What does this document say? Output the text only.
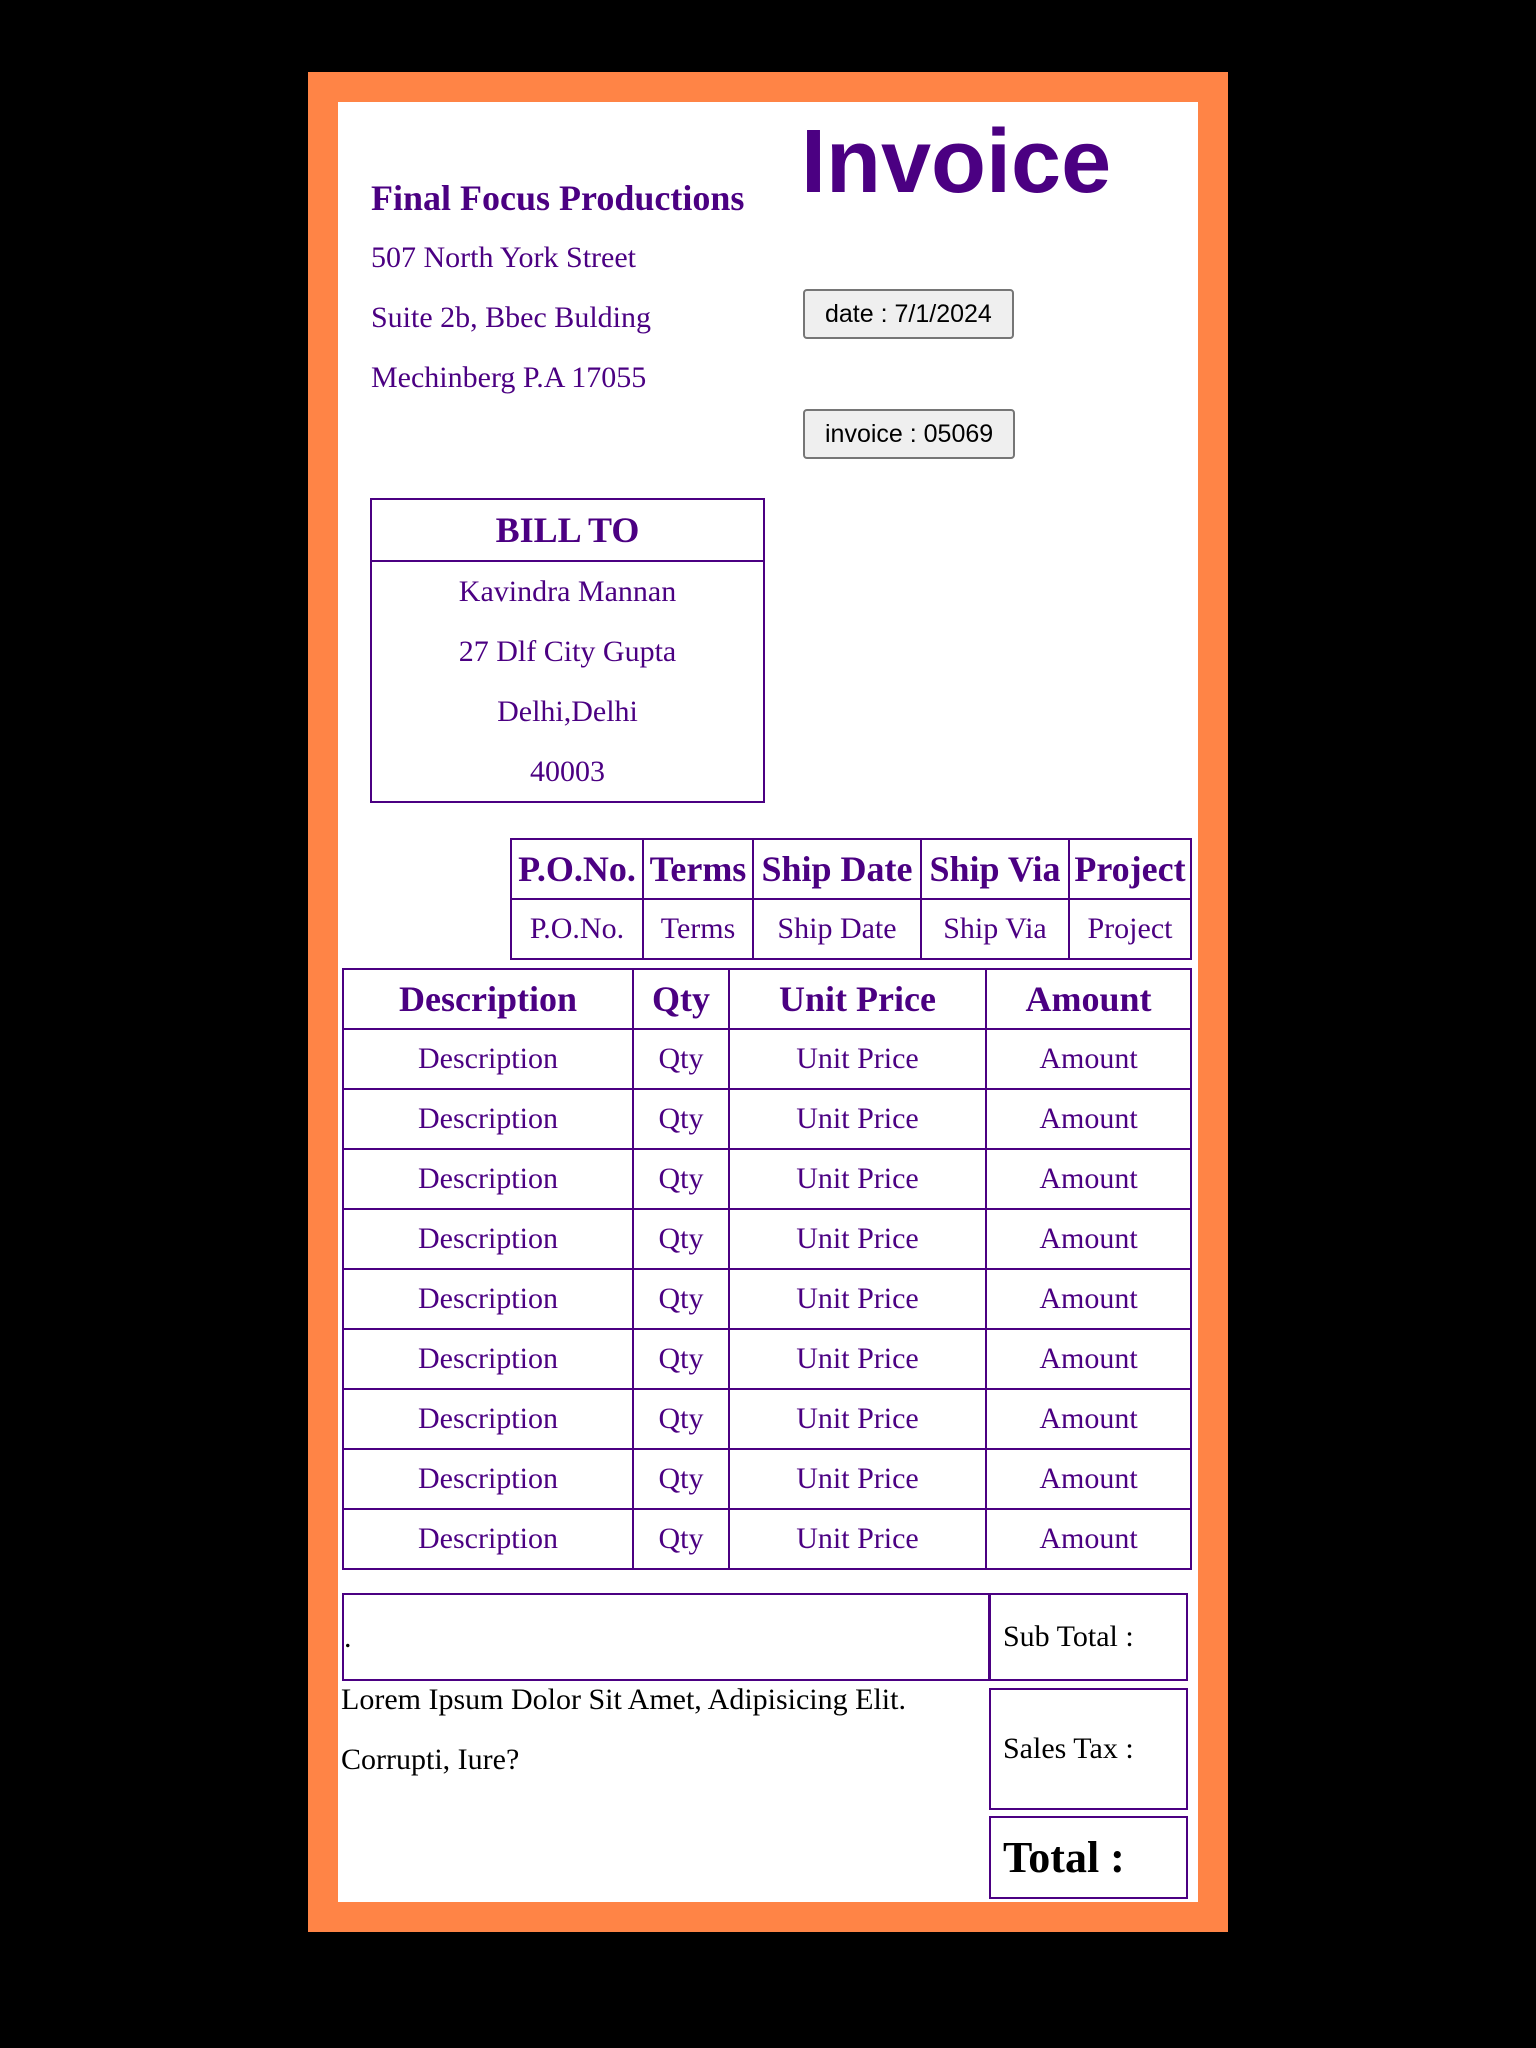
Final Focus Productions
507 North York Street
Suite 2b, Bbec Bulding
Mechinberg P.A 17055
Invoice
date : 7/1/2024
invoice : 05069
BILL TO
Kavindra Mannan
27 Dlf City Gupta
Delhi,Delhi
40003
P.O.No.	Terms	Ship Date	Ship Via	Project
P.O.No.	Terms	Ship Date	Ship Via	Project
Description	Qty	Unit Price	Amount
Description	Qty	Unit Price	Amount
Description	Qty	Unit Price	Amount
Description	Qty	Unit Price	Amount
Description	Qty	Unit Price	Amount
Description	Qty	Unit Price	Amount
Description	Qty	Unit Price	Amount
Description	Qty	Unit Price	Amount
Description	Qty	Unit Price	Amount
Description	Qty	Unit Price	Amount
.	Sub Total :
Sales Tax :
Total :
Lorem Ipsum Dolor Sit Amet, Adipisicing Elit.
Corrupti, Iure?
